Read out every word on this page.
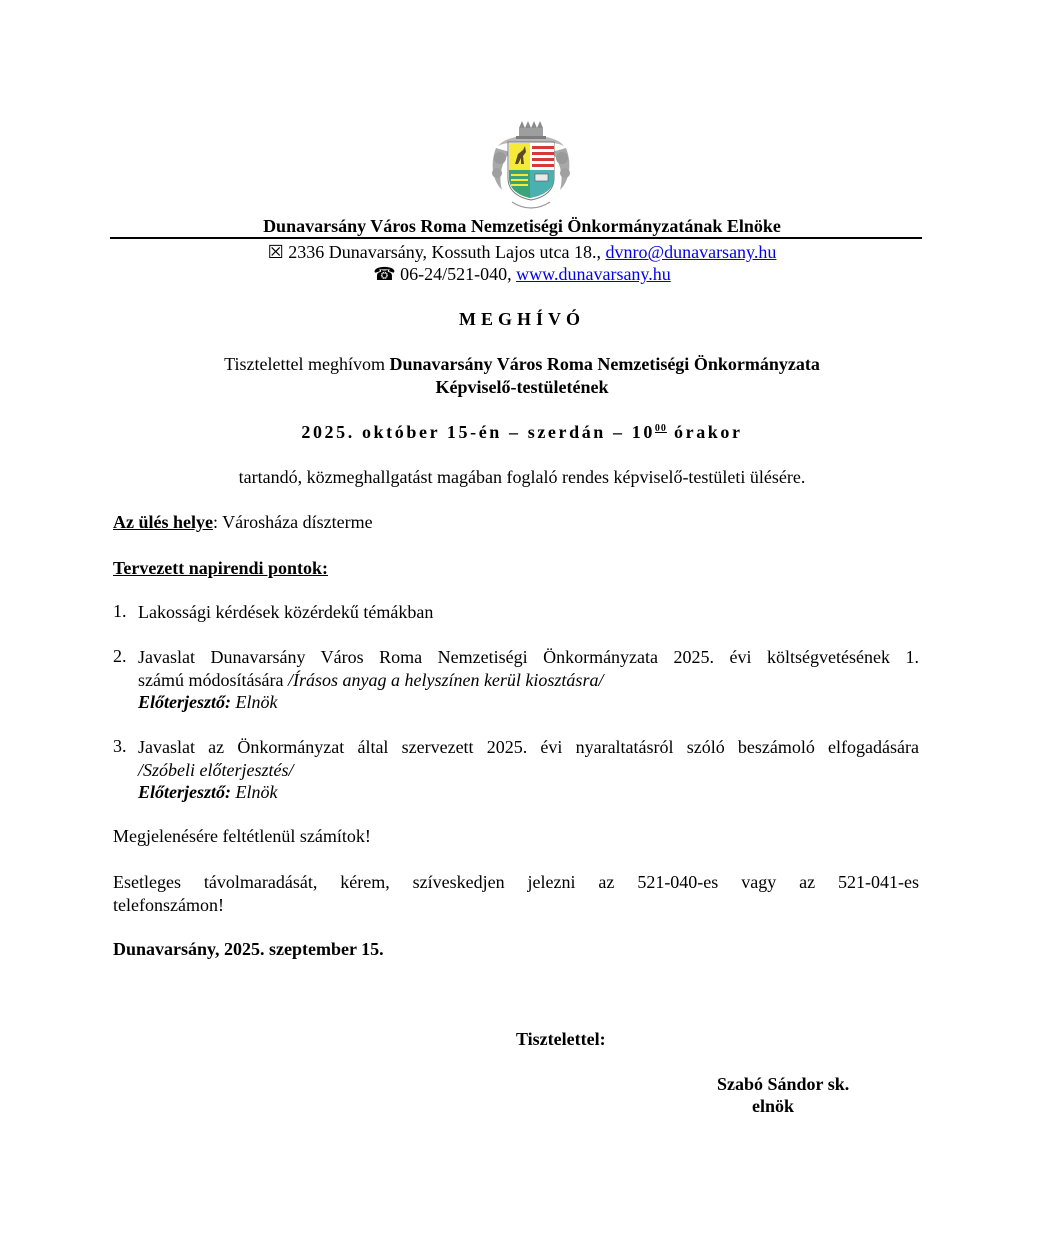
Dunavarsány Város Roma Nemzetiségi Önkormányzatának Elnöke
☒ 2336 Dunavarsány, Kossuth Lajos utca 18., dvnro@dunavarsany.hu
☎ 06-24/521-040, www.dunavarsany.hu
MEGHÍVÓ
Tisztelettel meghívom Dunavarsány Város Roma Nemzetiségi Önkormányzata
Képviselő-testületének
2025. október 15-én – szerdán – $10^{00}$ órakor
tartandó, közmeghallgatást magában foglaló rendes képviselő-testületi ülésére.
Az ülés helye: Városháza díszterme
Tervezett napirendi pontok:
1. Lakossági kérdések közérdekű témákban
2. Javaslat Dunavarsány Város Roma Nemzetiségi Önkormányzata 2025. évi költségvetésének 1.
számú módosítására /Írásos anyag a helyszínen kerül kiosztásra/
Előterjesztő: Elnök
3. Javaslat az Önkormányzat által szervezett 2025. évi nyaraltatásról szóló beszámoló elfogadására
/Szóbeli előterjesztés/
Előterjesztő: Elnök
Megjelenésére feltétlenül számítok!
Esetleges távolmaradását, kérem, szíveskedjen jelezni az 521-040-es vagy az 521-041-es
telefonszámon!
Dunavarsány, 2025. szeptember 15.
Tisztelettel:
Szabó Sándor sk.
elnök
